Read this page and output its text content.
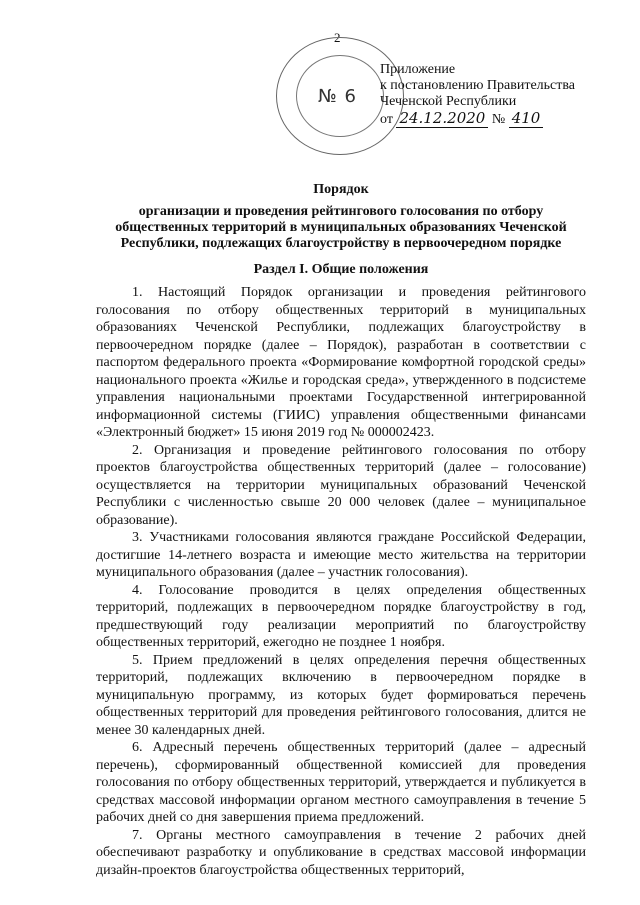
2
№ 6
Приложение
к постановлению Правительства
Чеченской Республики
от 24.12.2020 № 410
Порядок
организации и проведения рейтингового голосования по отбору общественных территорий в муниципальных образованиях Чеченской Республики, подлежащих благоустройству в первоочередном порядке
Раздел I. Общие положения

1. Настоящий Порядок организации и проведения рейтингового голосования по отбору общественных территорий в муниципальных образованиях Чеченской Республики, подлежащих благоустройству в первоочередном порядке (далее – Порядок), разработан в соответствии с паспортом федерального проекта «Формирование комфортной городской среды» национального проекта «Жилье и городская среда», утвержденного в подсистеме управления национальными проектами Государственной интегрированной информационной системы (ГИИС) управления общественными финансами «Электронный бюджет» 15 июня 2019 год № 000002423.

2. Организация и проведение рейтингового голосования по отбору проектов благоустройства общественных территорий (далее – голосование) осуществляется на территории муниципальных образований Чеченской Республики с численностью свыше 20 000 человек (далее – муниципальное образование).

3. Участниками голосования являются граждане Российской Федерации, достигшие 14-летнего возраста и имеющие место жительства на территории муниципального образования (далее – участник голосования).

4. Голосование проводится в целях определения общественных территорий, подлежащих в первоочередном порядке благоустройству в год, предшествующий году реализации мероприятий по благоустройству общественных территорий, ежегодно не позднее 1 ноября.

5. Прием предложений в целях определения перечня общественных территорий, подлежащих включению в первоочередном порядке в муниципальную программу, из которых будет формироваться перечень общественных территорий для проведения рейтингового голосования, длится не менее 30 календарных дней.

6. Адресный перечень общественных территорий (далее – адресный перечень), сформированный общественной комиссией для проведения голосования по отбору общественных территорий, утверждается и публикуется в средствах массовой информации органом местного самоуправления в течение 5 рабочих дней со дня завершения приема предложений.

7. Органы местного самоуправления в течение 2 рабочих дней обеспечивают разработку и опубликование в средствах массовой информации дизайн-проектов благоустройства общественных территорий,
